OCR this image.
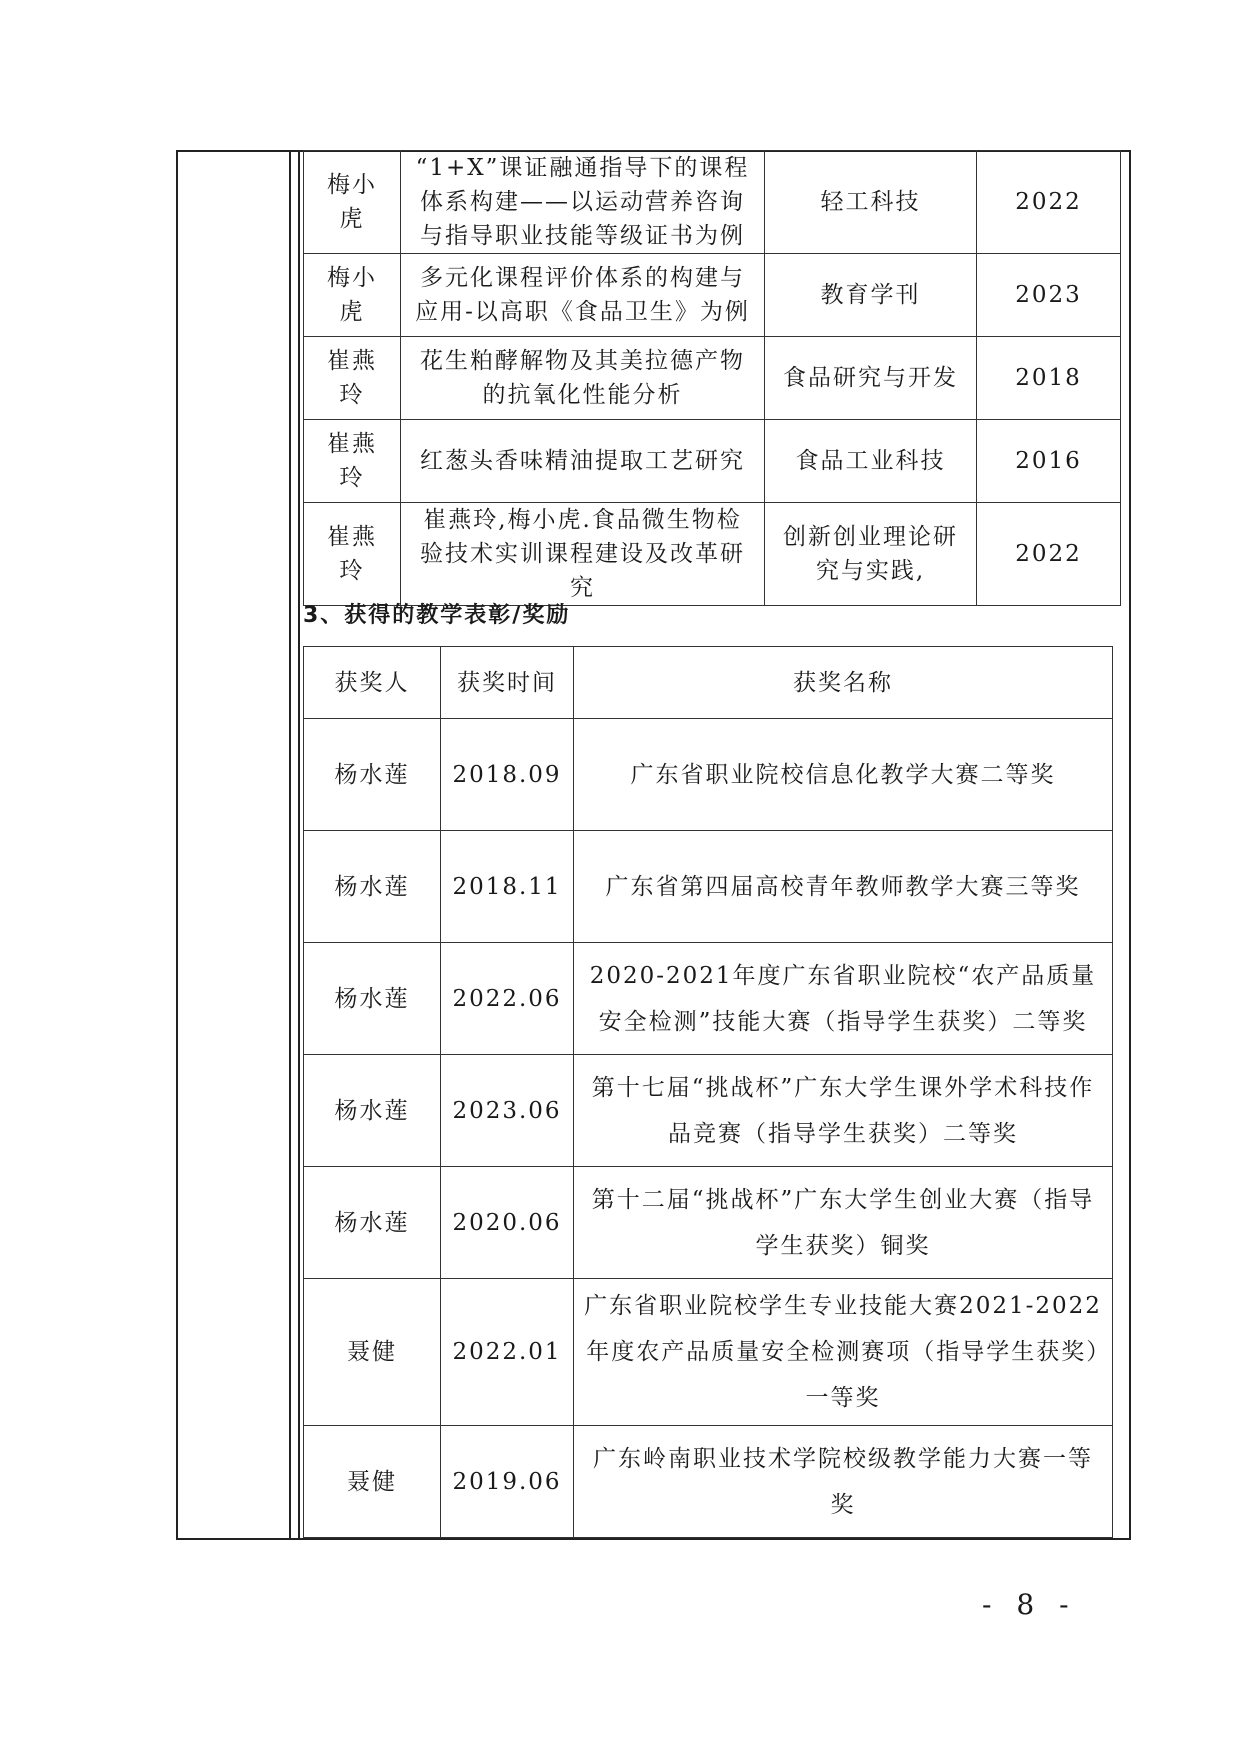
梅小虎	“1+X”课证融通指导下的课程体系构建——以运动营养咨询与指导职业技能等级证书为例	轻工科技	2022
梅小虎	多元化课程评价体系的构建与应用-以高职《食品卫生》为例	教育学刊	2023
崔燕玲	花生粕酵解物及其美拉德产物的抗氧化性能分析	食品研究与开发	2018
崔燕玲	红葱头香味精油提取工艺研究	食品工业科技	2016
崔燕玲	崔燕玲,梅小虎.食品微生物检验技术实训课程建设及改革研究	创新创业理论研究与实践,	2022
3、获得的教学表彰/奖励
获奖人	获奖时间	获奖名称
杨水莲	2018.09	广东省职业院校信息化教学大赛二等奖
杨水莲	2018.11	广东省第四届高校青年教师教学大赛三等奖
杨水莲	2022.06	2020-2021年度广东省职业院校“农产品质量安全检测”技能大赛（指导学生获奖）二等奖
杨水莲	2023.06	第十七届“挑战杯”广东大学生课外学术科技作品竞赛（指导学生获奖）二等奖
杨水莲	2020.06	第十二届“挑战杯”广东大学生创业大赛（指导学生获奖）铜奖
聂健	2022.01	广东省职业院校学生专业技能大赛2021-2022年度农产品质量安全检测赛项（指导学生获奖）一等奖
聂健	2019.06	广东岭南职业技术学院校级教学能力大赛一等奖
- 8 -
